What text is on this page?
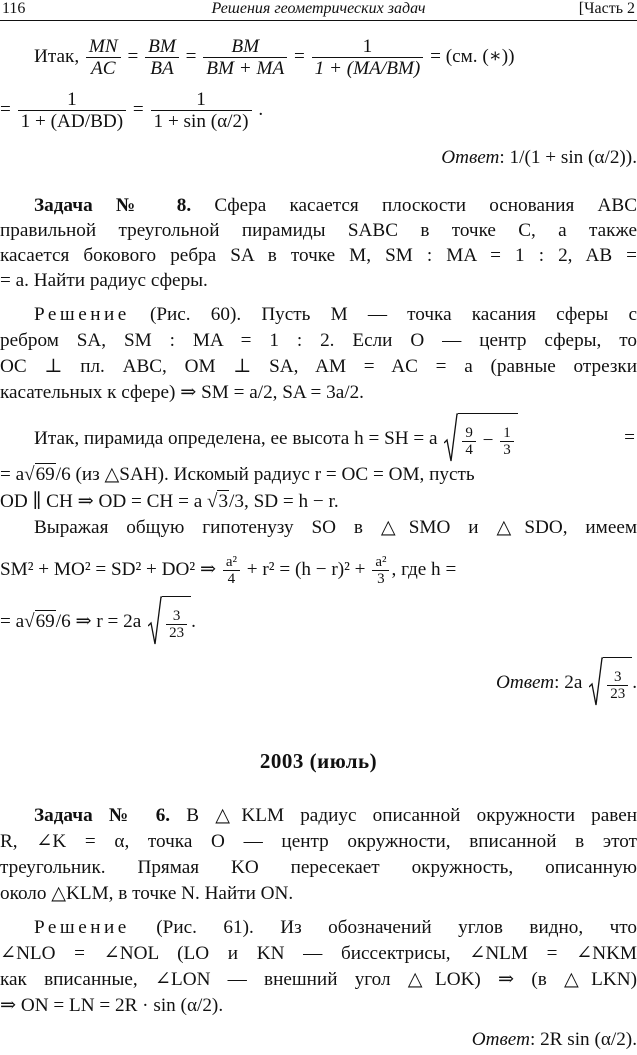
116	Решения геометрических задач	[Часть 2
Итак, $\frac{MN}{AC} = \frac{BM}{BA} = \frac{BM}{BM + MA} = \frac{1}{1 + (MA/BM)} = (см$. (∗))
= $\frac{1}{1 + (AD/BD)} = \frac{1}{1 + \sin (\alpha/2)}$ .
Ответ: 1/(1 + sin (α/2)).
Задача № 8. Сфера касается плоскости основания ABC
правильной треугольной пирамиды SABC в точке C, а также
касается бокового ребра SA в точке M, SM : MA = 1 : 2, AB =
= a. Найти радиус сферы.
Решение (Рис. 60). Пусть M — точка касания сферы с
ребром SA, SM : MA = 1 : 2. Если O — центр сферы, то
OC ⊥ пл. ABC, OM ⊥ SA, AM = AC = a (равные отрезки
касательных к сфере) ⇒ SM = a/2, SA = 3a/2.
Итак, пирамида определена, ее высота h = SH = a $\frac{9}{4} - \frac{1}{3}$	=
= a√69/6 (из △SAH). Искомый радиус r = OC = OM, пусть
OD ∥ CH ⇒ OD = CH = a √3/3, SD = h − r.
Выражая общую гипотенузу SO в △SMO и △SDO, имеем
SM² + MO² = SD² + DO² ⇒ $\frac{\text{a²}}{4} + r^2 = (h - r)^2 + \frac{\text{a²}}{3}$ , где h =
= a√69/6 ⇒ $r = 2a \frac{3}{23}$ .
Ответ: $2a \frac{3}{23}$ .
2003 (июль)
Задача № 6. В △KLM радиус описанной окружности равен
R, ∠K = α, точка O — центр окружности, вписанной в этот
треугольник. Прямая KO пересекает окружность, описанную
около △KLM, в точке N. Найти ON.
Решение (Рис. 61). Из обозначений углов видно, что
∠NLO = ∠NOL (LO и KN — биссектрисы, ∠NLM = ∠NKM
как вписанные, ∠LON — внешний угол △LOK) ⇒ (в △LKN)
⇒ ON = LN = 2R · sin (α/2).
Ответ: 2R sin (α/2).
